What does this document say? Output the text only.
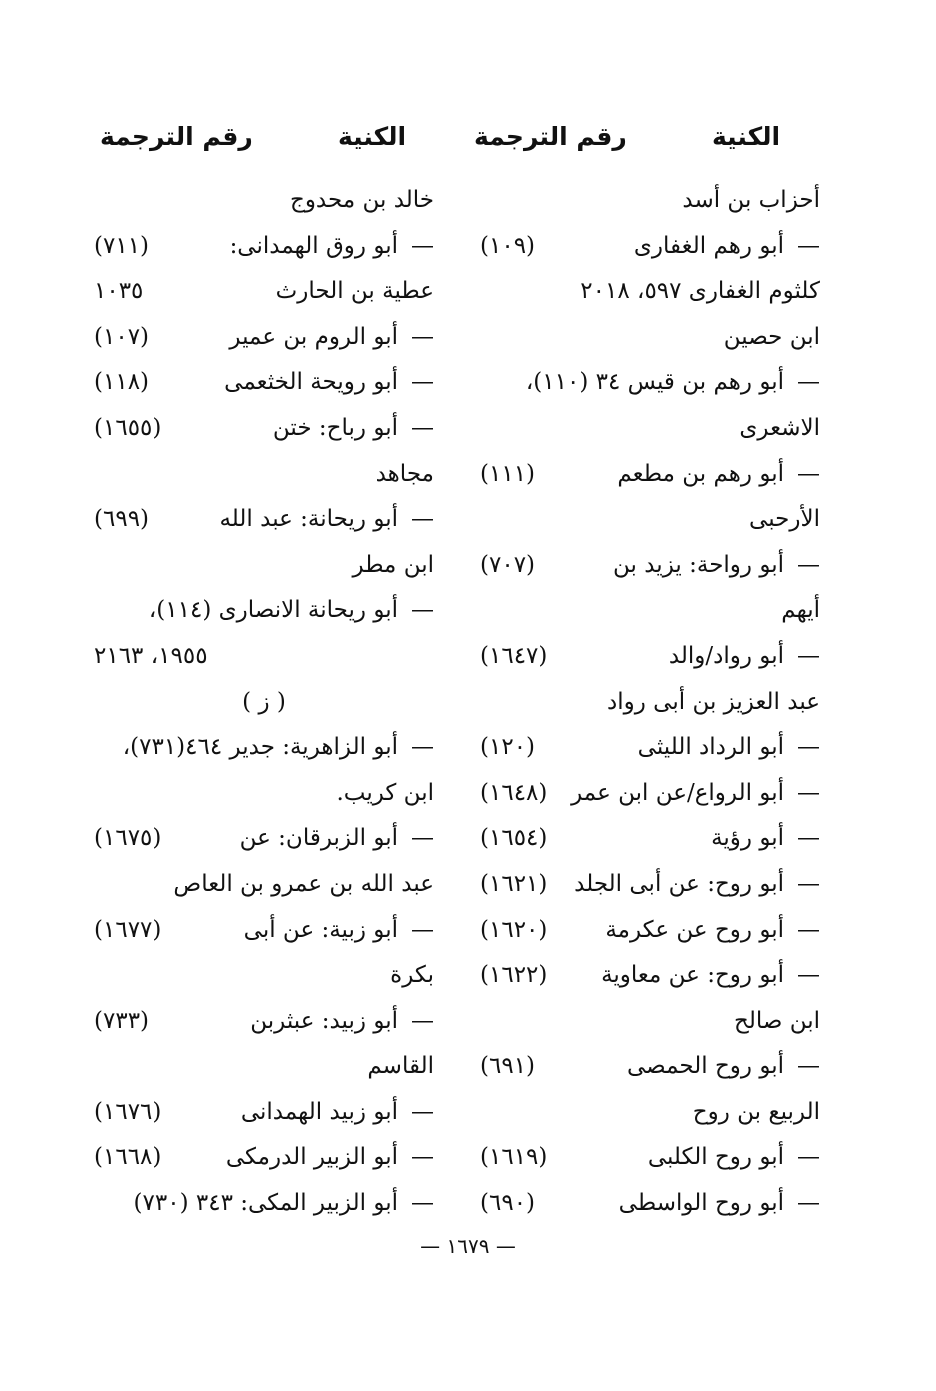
الكنية
رقم الترجمة
الكنية
رقم الترجمة
أحزاب بن أسد
—
أبو رهم الغفارى
(١٠٩)
كلثوم الغفارى ٥٩٧، ٢٠١٨
ابن حصين
—
أبو رهم بن قيس ٣٤ (١١٠)،
الاشعرى
—
أبو رهم بن مطعم
(١١١)
الأرحبى
—
أبو رواحة: يزيد بن
(٧٠٧)
أيهم
—
أبو رواد/والد
(١٦٤٧)
عبد العزيز بن أبى رواد
—
أبو الرداد الليثى
(١٢٠)
—
أبو الرواع/عن ابن عمر
(١٦٤٨)
—
أبو رؤية
(١٦٥٤)
—
أبو روح: عن أبى الجلد
(١٦٢١)
—
أبو روح عن عكرمة
(١٦٢٠)
—
أبو روح: عن معاوية
(١٦٢٢)
ابن صالح
—
أبو روح الحمصى
(٦٩١)
الربيع بن روح
—
أبو روح الكلبى
(١٦١٩)
—
أبو روح الواسطى
(٦٩٠)
خالد بن محدوج
—
أبو روق الهمدانى:
(٧١١)
عطية بن الحارث
١٠٣٥
—
أبو الروم بن عمير
(١٠٧)
—
أبو رويحة الخثعمى
(١١٨)
—
أبو رباح: ختن
(١٦٥٥)
مجاهد
—
أبو ريحانة: عبد الله
(٦٩٩)
ابن مطر
—
أبو ريحانة الانصارى (١١٤)،
١٩٥٥، ٢١٦٣
( ز )
—
أبو الزاهرية: جدير ٤٦٤(٧٣١)،
ابن كريب.
—
أبو الزبرقان: عن
(١٦٧٥)
عبد الله بن عمرو بن العاص
—
أبو زبية: عن أبى
(١٦٧٧)
بكرة
—
أبو زبيد: عبثربن
(٧٣٣)
القاسم
—
أبو زبيد الهمدانى
(١٦٧٦)
—
أبو الزبير الدرمكى
(١٦٦٨)
—
أبو الزبير المكى: ٣٤٣ (٧٣٠)
— ١٦٧٩ —
